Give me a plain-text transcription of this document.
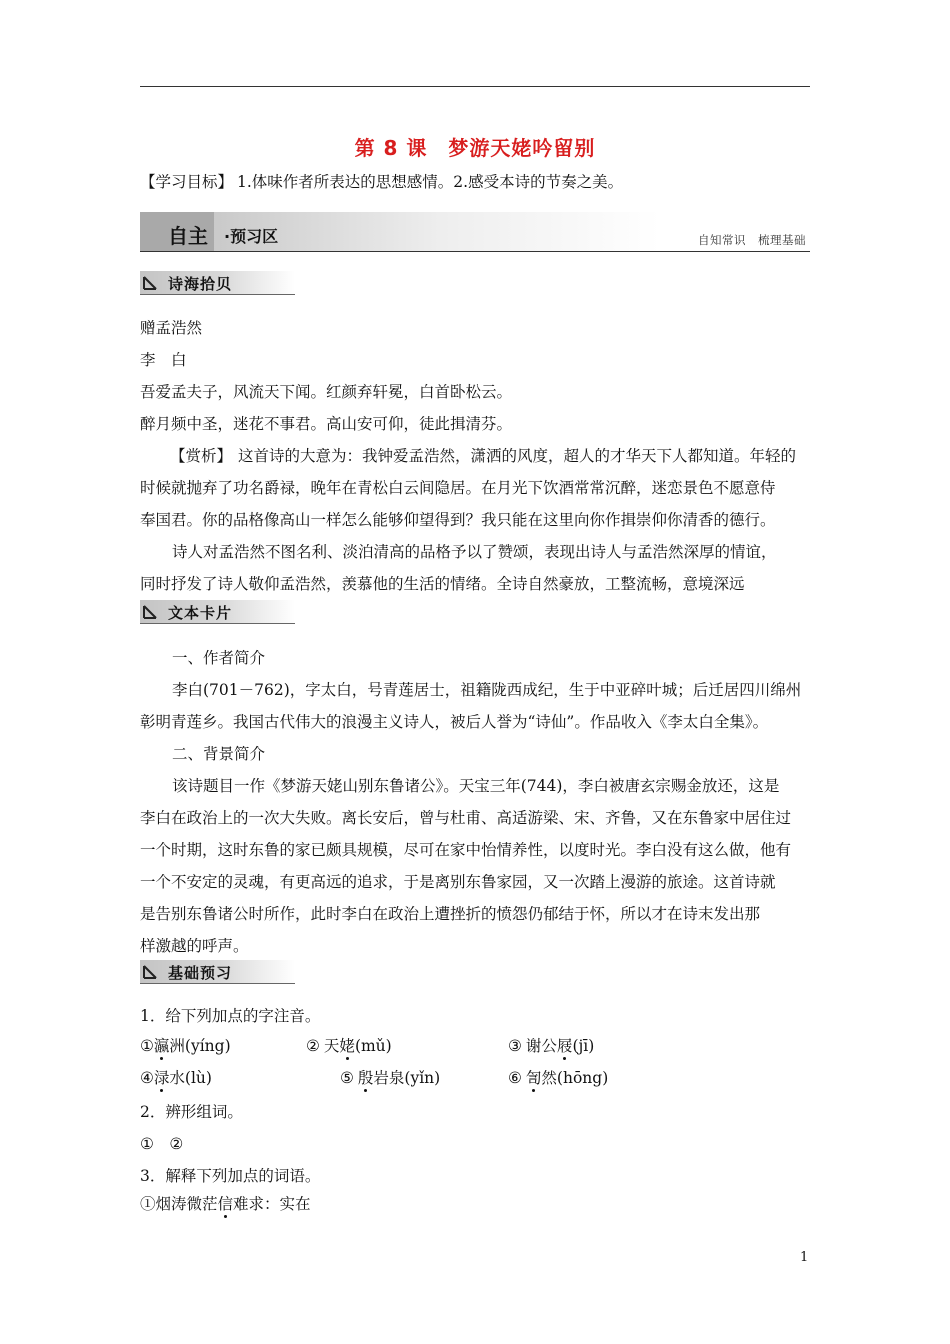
第 8 课　梦游天姥吟留别
【学习目标】 1.体味作者所表达的思想感情。2.感受本诗的节奏之美。
自主 ·预习区	自知常识　梳理基础
诗海拾贝
赠孟浩然
李　白
吾爱孟夫子，风流天下闻。红颜弃轩冕，白首卧松云。
醉月频中圣，迷花不事君。高山安可仰，徒此揖清芬。
【赏析】 这首诗的大意为：我钟爱孟浩然，潇洒的风度，超人的才华天下人都知道。年轻的
时候就抛弃了功名爵禄，晚年在青松白云间隐居。在月光下饮酒常常沉醉，迷恋景色不愿意侍
奉国君。你的品格像高山一样怎么能够仰望得到？我只能在这里向你作揖崇仰你清香的德行。
诗人对孟浩然不图名利、淡泊清高的品格予以了赞颂，表现出诗人与孟浩然深厚的情谊，
同时抒发了诗人敬仰孟浩然，羡慕他的生活的情绪。全诗自然豪放，工整流畅，意境深远
文本卡片
一、作者简介
李白(701－762)，字太白，号青莲居士，祖籍陇西成纪，生于中亚碎叶城；后迁居四川绵州
彰明青莲乡。我国古代伟大的浪漫主义诗人，被后人誉为“诗仙”。作品收入《李太白全集》。
二、背景简介
该诗题目一作《梦游天姥山别东鲁诸公》。天宝三年(744)，李白被唐玄宗赐金放还，这是
李白在政治上的一次大失败。离长安后，曾与杜甫、高适游梁、宋、齐鲁，又在东鲁家中居住过
一个时期，这时东鲁的家已颇具规模，尽可在家中怡情养性，以度时光。李白没有这么做，他有
一个不安定的灵魂，有更高远的追求，于是离别东鲁家园，又一次踏上漫游的旅途。这首诗就
是告别东鲁诸公时所作，此时李白在政治上遭挫折的愤怨仍郁结于怀，所以才在诗末发出那
样激越的呼声。
基础预习
1．给下列加点的字注音。
①瀛洲(yíng)	② 天姥(mǔ)	③ 谢公屐(jī)
④渌水(lù)	⑤ 殷岩泉(yǐn)	⑥ 訇然(hōng)
2．辨形组词。
①　②
3．解释下列加点的词语。
①烟涛微茫信难求：实在
1
